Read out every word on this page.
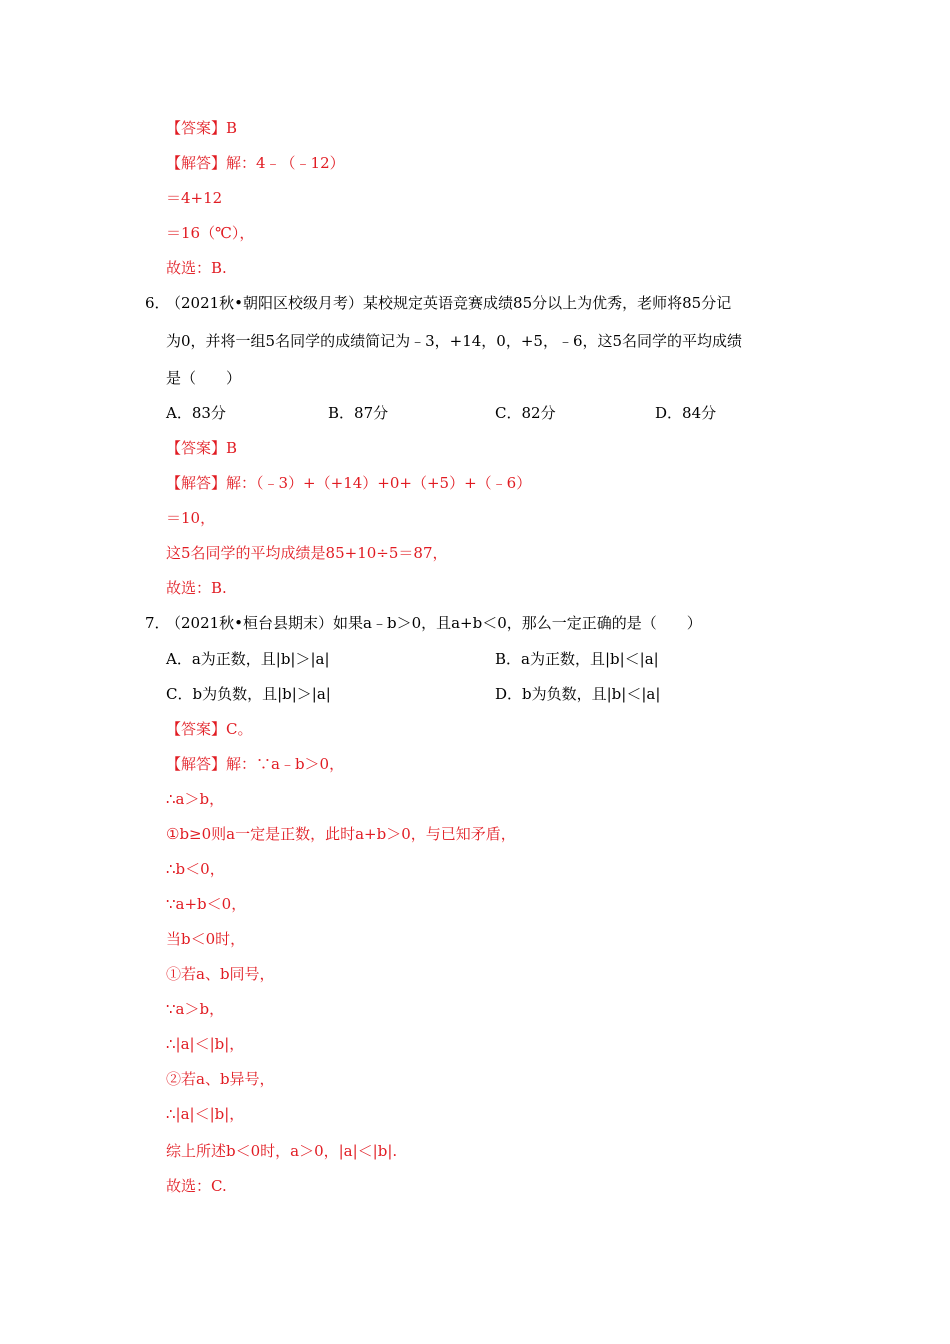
【答案】B
【解答】解：4﹣（﹣12）
＝4+12
＝16（℃），
故选：B.
6．
（2021秋•朝阳区校级月考）某校规定英语竞赛成绩85分以上为优秀，老师将85分记
为0，并将一组5名同学的成绩简记为﹣3，+14，0，+5，﹣6，这5名同学的平均成绩
是（　　）
A．83分	B．87分	C．82分	D．84分
【答案】B
【解答】解：（﹣3）+（+14）+0+（+5）+（﹣6）
＝10，
这5名同学的平均成绩是85+10÷5＝87，
故选：B.
7．
（2021秋•桓台县期末）如果a﹣b＞0，且a+b＜0，那么一定正确的是（　　）
A．a为正数，且|b|＞|a|	B．a为正数，且|b|＜|a|
C．b为负数，且|b|＞|a|	D．b为负数，且|b|＜|a|
【答案】C。
【解答】解：∵a﹣b＞0，
∴a＞b，
①b≥0则a一定是正数，此时a+b＞0，与已知矛盾，
∴b＜0，
∵a+b＜0，
当b＜0时，
①若a、b同号，
∵a＞b，
∴|a|＜|b|，
②若a、b异号，
∴|a|＜|b|，
综上所述b＜0时，a＞0，|a|＜|b|.
故选：C.
